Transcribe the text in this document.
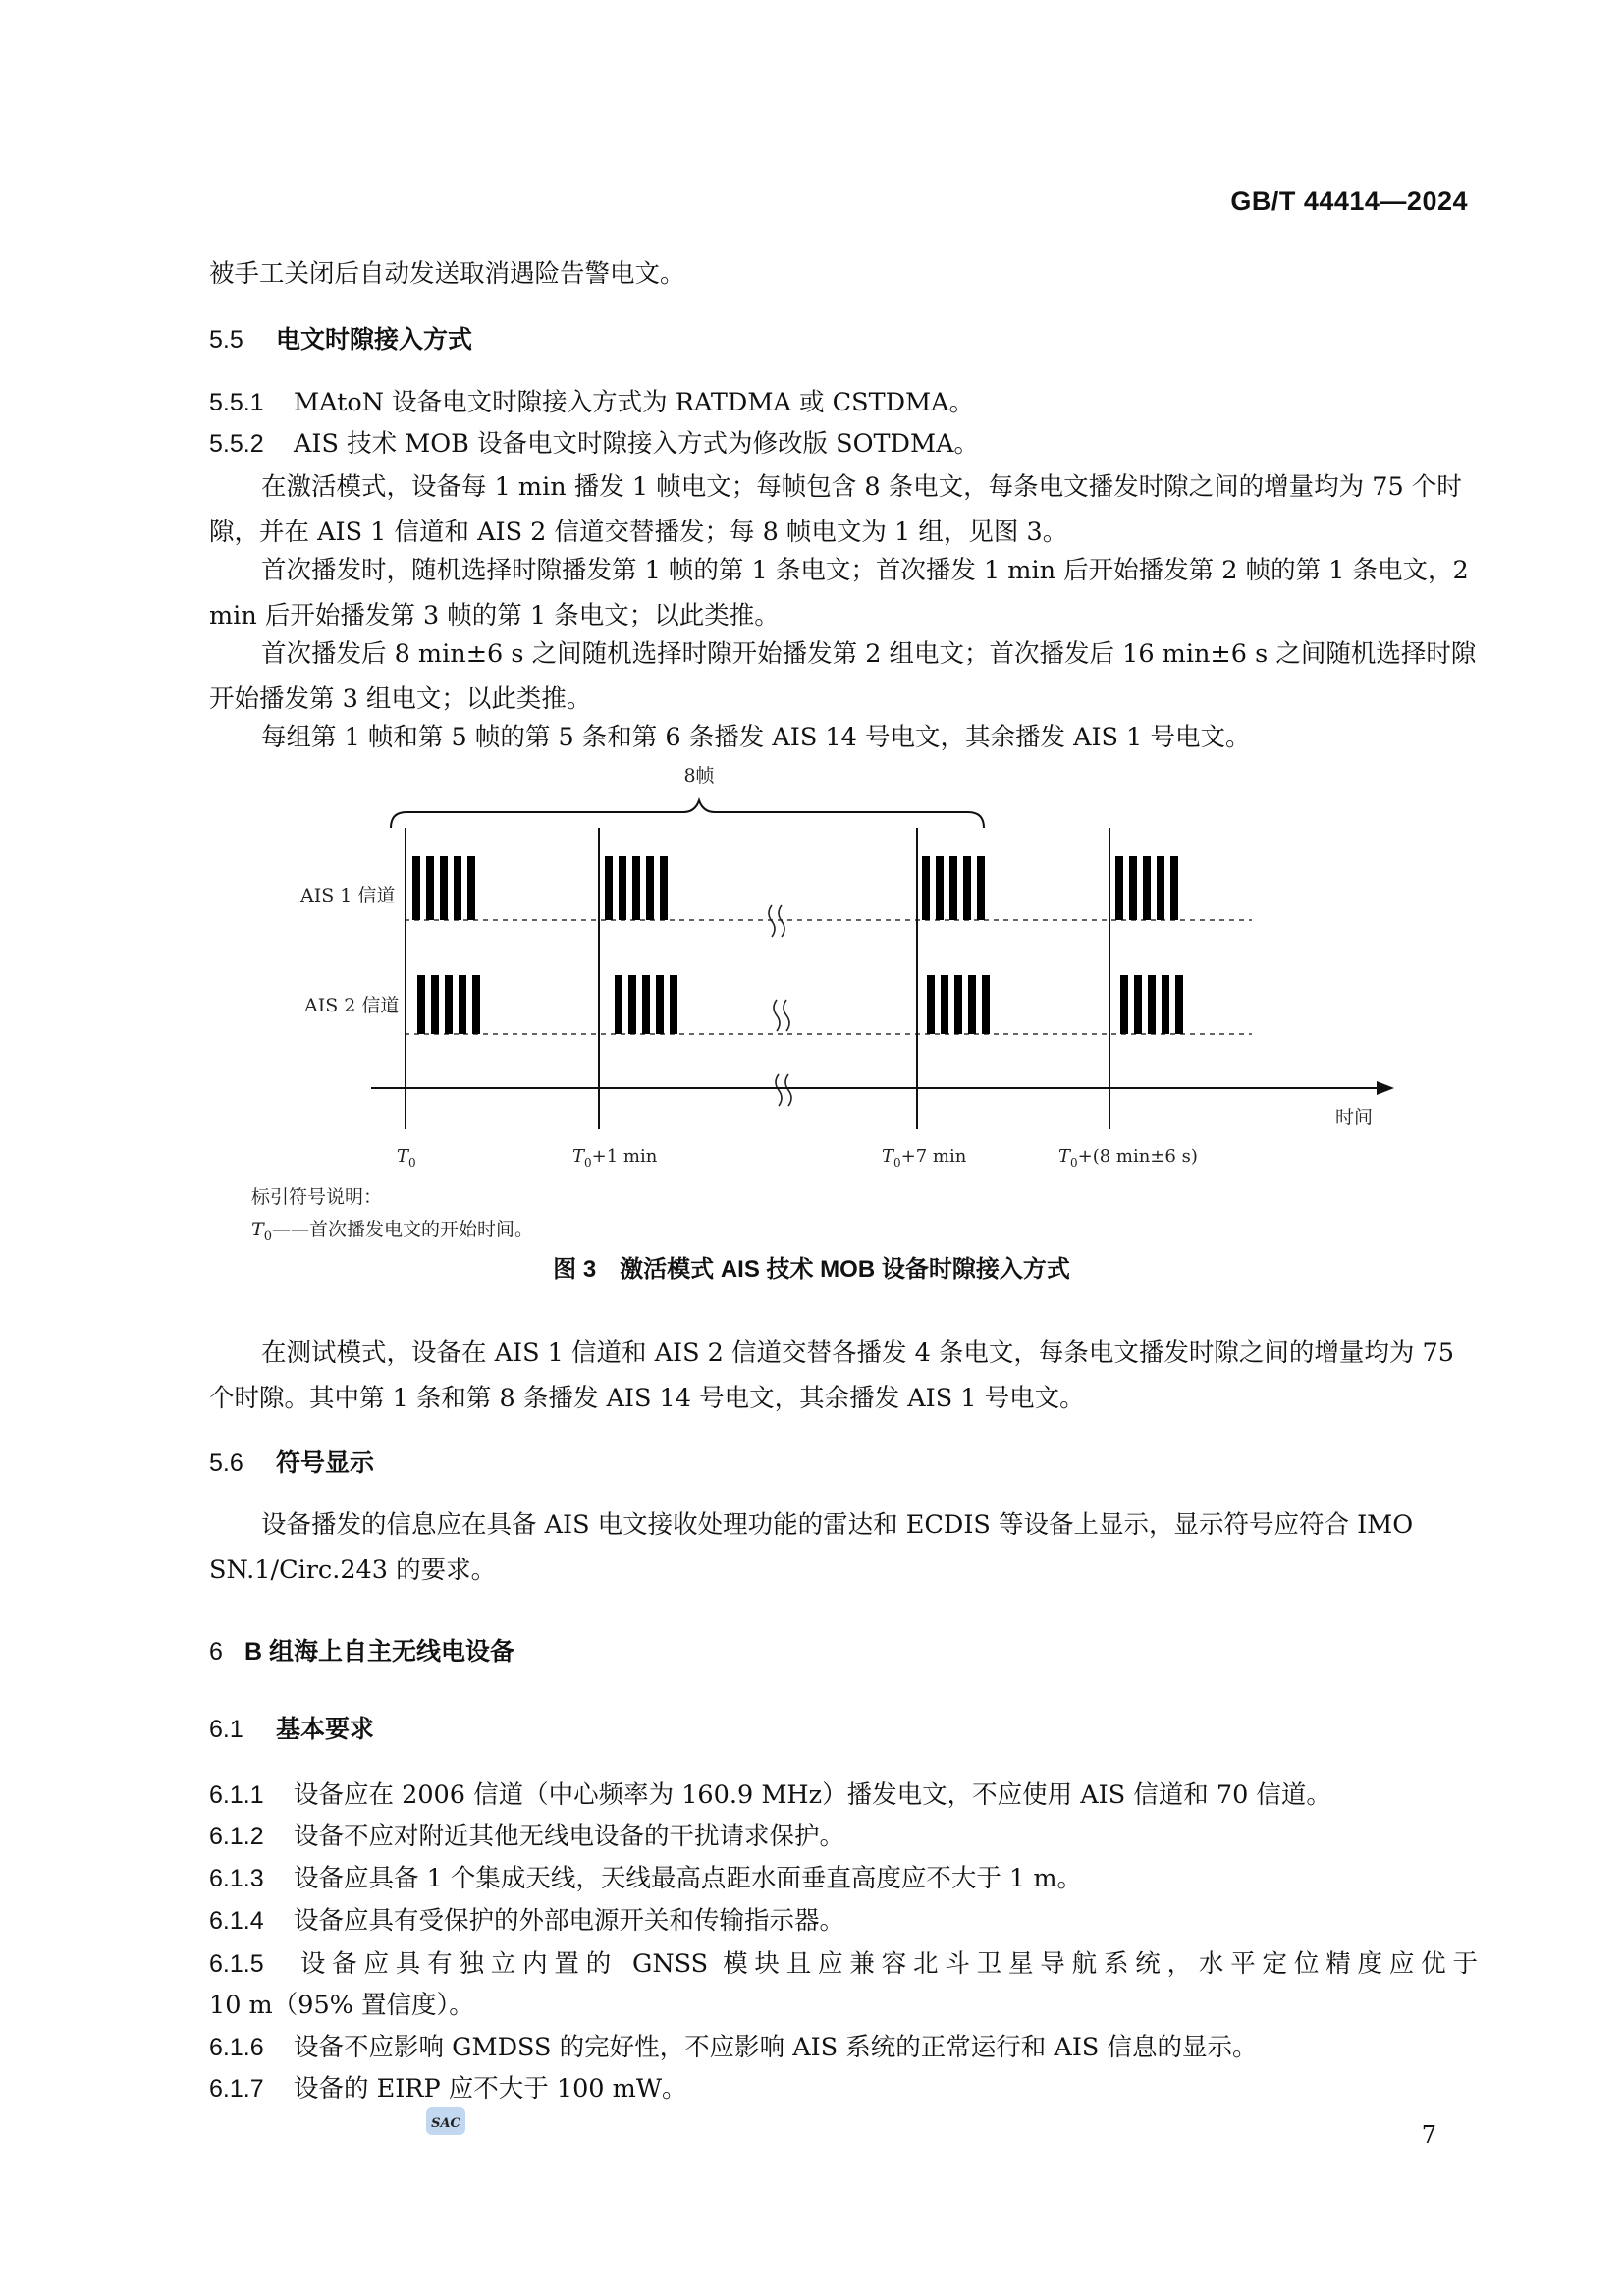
GB/T 44414—2024
被手工关闭后自动发送取消遇险告警电文。
5.5 电文时隙接入方式
5.5.1 MAtoN 设备电文时隙接入方式为 RATDMA 或 CSTDMA。
5.5.2 AIS 技术 MOB 设备电文时隙接入方式为修改版 SOTDMA。
在激活模式，设备每 1 min 播发 1 帧电文；每帧包含 8 条电文，每条电文播发时隙之间的增量均为 75 个时隙，并在 AIS 1 信道和 AIS 2 信道交替播发；每 8 帧电文为 1 组，见图 3。
首次播发时，随机选择时隙播发第 1 帧的第 1 条电文；首次播发 1 min 后开始播发第 2 帧的第 1 条电文，2 min 后开始播发第 3 帧的第 1 条电文；以此类推。
首次播发后 8 min±6 s 之间随机选择时隙开始播发第 2 组电文；首次播发后 16 min±6 s 之间随机选择时隙开始播发第 3 组电文；以此类推。
每组第 1 帧和第 5 帧的第 5 条和第 6 条播发 AIS 14 号电文，其余播发 AIS 1 号电文。
8帧
AIS 1 信道
AIS 2 信道
时间
$T_0$	$T_0+1$ min	$T_0+7$ min	$T_0+(8$ min±6 s)
标引符号说明：
$T_0——$首次播发电文的开始时间。
图 3　激活模式 AIS 技术 MOB 设备时隙接入方式
在测试模式，设备在 AIS 1 信道和 AIS 2 信道交替各播发 4 条电文，每条电文播发时隙之间的增量均为 75 个时隙。其中第 1 条和第 8 条播发 AIS 14 号电文，其余播发 AIS 1 号电文。
5.6 符号显示
设备播发的信息应在具备 AIS 电文接收处理功能的雷达和 ECDIS 等设备上显示，显示符号应符合 IMO SN.1/Circ.243 的要求。
6 B 组海上自主无线电设备
6.1 基本要求
6.1.1 设备应在 2006 信道（中心频率为 160.9 MHz）播发电文，不应使用 AIS 信道和 70 信道。
6.1.2 设备不应对附近其他无线电设备的干扰请求保护。
6.1.3 设备应具备 1 个集成天线，天线最高点距水面垂直高度应不大于 1 m。
6.1.4 设备应具有受保护的外部电源开关和传输指示器。
6.1.5 设备应具有独立内置的 GNSS 模块且应兼容北斗卫星导航系统，水平定位精度应优于
10 m（95% 置信度）。
6.1.6 设备不应影响 GMDSS 的完好性，不应影响 AIS 系统的正常运行和 AIS 信息的显示。
6.1.7 设备的 EIRP 应不大于 100 mW。
SAC	7
